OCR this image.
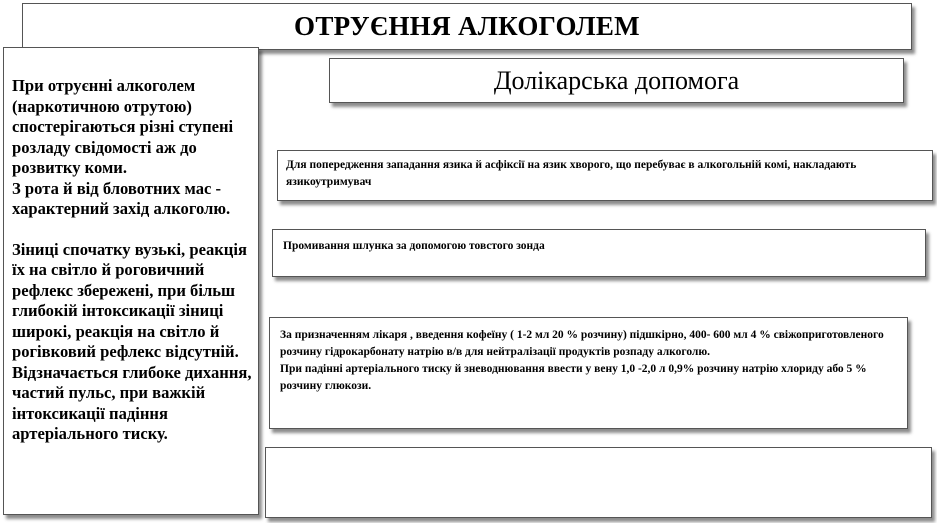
ОТРУЄННЯ АЛКОГОЛЕМ

При отруєнні алкоголем (наркотичною отрутою) спостерігаються різні ступені розладу свідомості аж до розвитку коми.

З рота й від бловотних мас - характерний захід алкоголю.

Зіниці спочатку вузькі, реакція їх на світло й роговичний рефлекс збережені, при більш глибокій інтоксикації зіниці широкі, реакція на світло й рогівковий рефлекс відсутній.

Відзначається глибоке дихання, частий пульс, при важкій інтоксикації падіння артеріального тиску.

Долікарська допомога
Для попередження западання язика й асфіксії на язик хворого, що перебуває в алкогольній комі, накладають язикоутримувач
Промивання шлунка за допомогою товстого зонда

За призначенням лікаря , введення кофеїну ( 1-2 мл 20 % розчину) підшкірно, 400- 600 мл 4 % свіжоприготовленого розчину гідрокарбонату натрію в/в для нейтралізації продуктів розпаду алкоголю.

При падінні артеріального тиску й зневоднювання ввести у вену 1,0 -2,0 л 0,9% розчину натрію хлориду або 5 % розчину глюкози.
